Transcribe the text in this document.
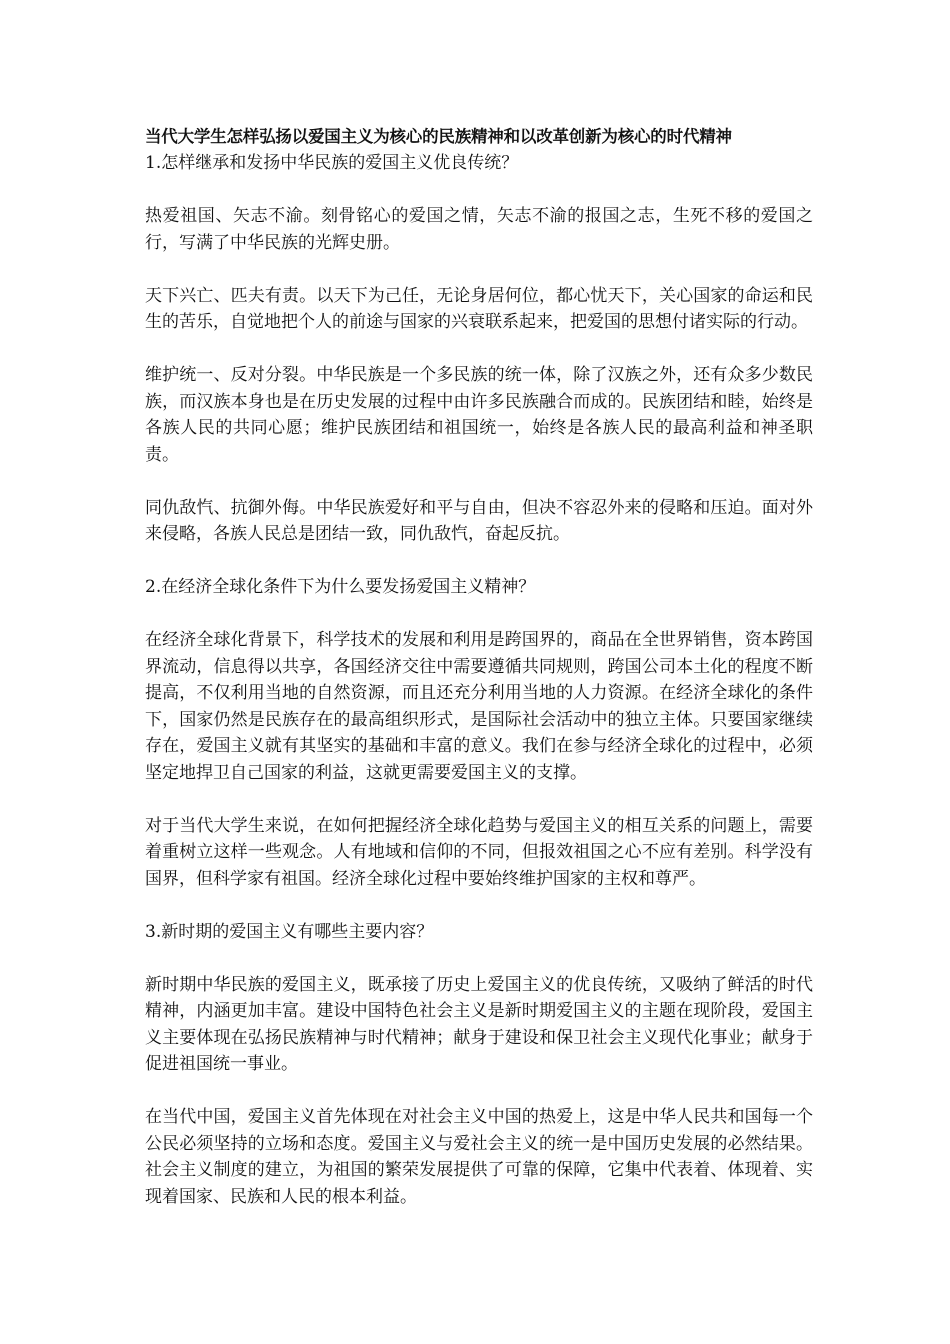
当代大学生怎样弘扬以爱国主义为核心的民族精神和以改革创新为核心的时代精神

1.怎样继承和发扬中华民族的爱国主义优良传统？

热爱祖国、矢志不渝。刻骨铭心的爱国之情，矢志不渝的报国之志，生死不移的爱国之行，写满了中华民族的光辉史册。

天下兴亡、匹夫有责。以天下为己任，无论身居何位，都心忧天下，关心国家的命运和民生的苦乐，自觉地把个人的前途与国家的兴衰联系起来，把爱国的思想付诸实际的行动。

维护统一、反对分裂。中华民族是一个多民族的统一体，除了汉族之外，还有众多少数民族，而汉族本身也是在历史发展的过程中由许多民族融合而成的。民族团结和睦，始终是各族人民的共同心愿；维护民族团结和祖国统一，始终是各族人民的最高利益和神圣职责。

同仇敌忾、抗御外侮。中华民族爱好和平与自由，但决不容忍外来的侵略和压迫。面对外来侵略，各族人民总是团结一致，同仇敌忾，奋起反抗。

2.在经济全球化条件下为什么要发扬爱国主义精神？

在经济全球化背景下，科学技术的发展和利用是跨国界的，商品在全世界销售，资本跨国界流动，信息得以共享，各国经济交往中需要遵循共同规则，跨国公司本土化的程度不断提高，不仅利用当地的自然资源，而且还充分利用当地的人力资源。在经济全球化的条件下，国家仍然是民族存在的最高组织形式，是国际社会活动中的独立主体。只要国家继续存在，爱国主义就有其坚实的基础和丰富的意义。我们在参与经济全球化的过程中，必须坚定地捍卫自己国家的利益，这就更需要爱国主义的支撑。

对于当代大学生来说，在如何把握经济全球化趋势与爱国主义的相互关系的问题上，需要着重树立这样一些观念。人有地域和信仰的不同，但报效祖国之心不应有差别。科学没有国界，但科学家有祖国。经济全球化过程中要始终维护国家的主权和尊严。

3.新时期的爱国主义有哪些主要内容？

新时期中华民族的爱国主义，既承接了历史上爱国主义的优良传统，又吸纳了鲜活的时代精神，内涵更加丰富。建设中国特色社会主义是新时期爱国主义的主题在现阶段，爱国主义主要体现在弘扬民族精神与时代精神；献身于建设和保卫社会主义现代化事业；献身于促进祖国统一事业。

在当代中国，爱国主义首先体现在对社会主义中国的热爱上，这是中华人民共和国每一个公民必须坚持的立场和态度。爱国主义与爱社会主义的统一是中国历史发展的必然结果。社会主义制度的建立，为祖国的繁荣发展提供了可靠的保障，它集中代表着、体现着、实现着国家、民族和人民的根本利益。
